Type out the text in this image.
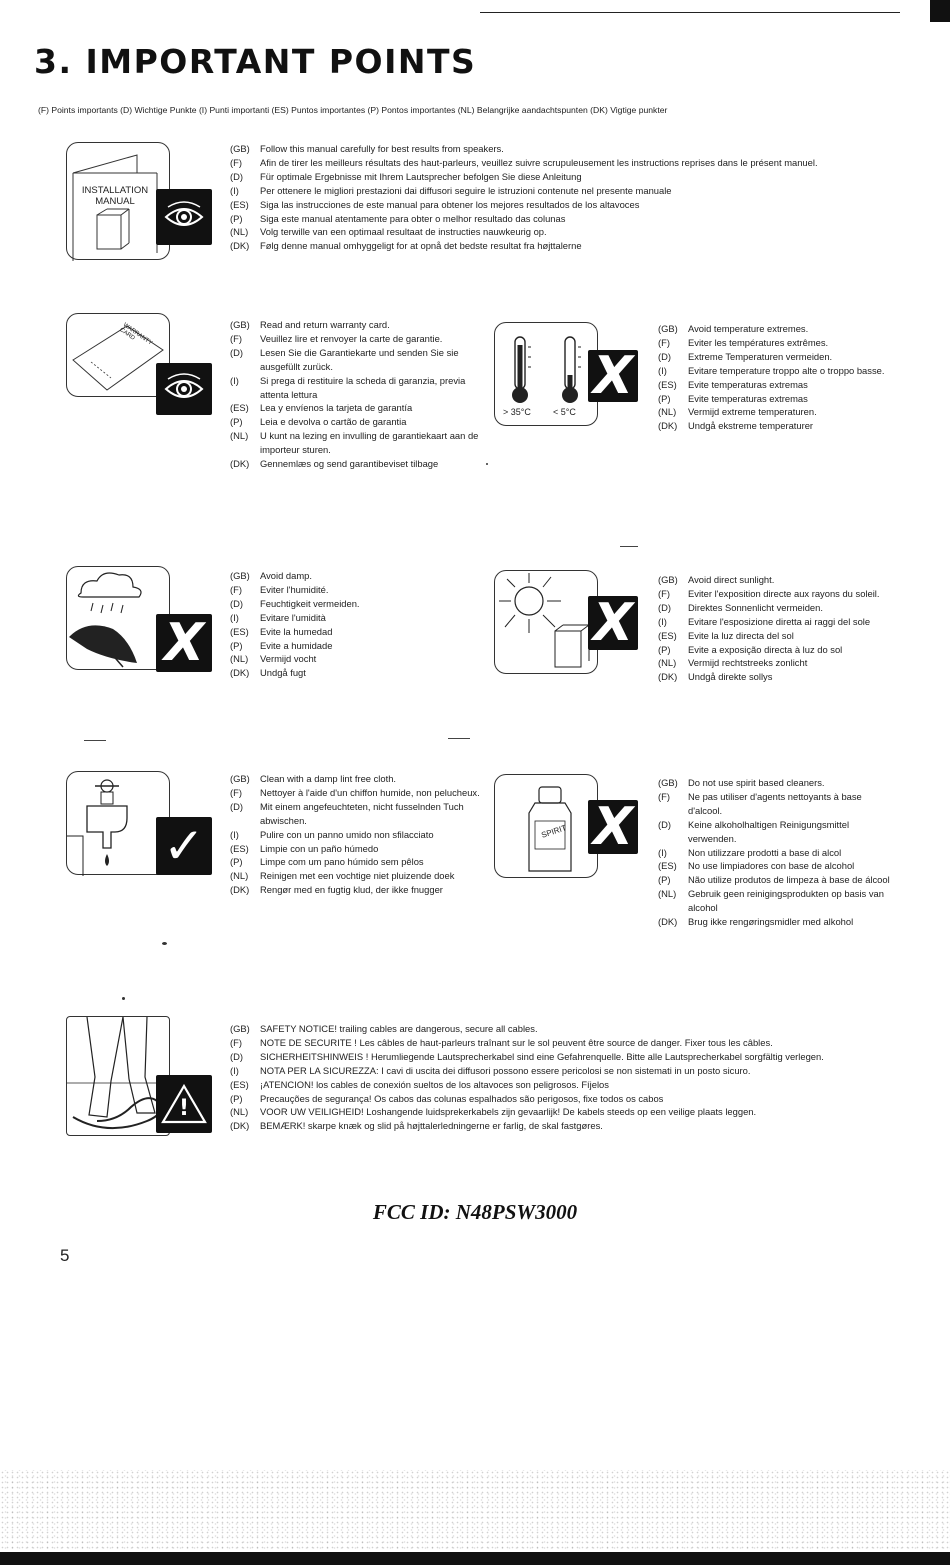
3. IMPORTANT POINTS
(F) Points importants (D) Wichtige Punkte (I) Punti importanti (ES) Puntos importantes (P) Pontos importantes (NL) Belangrijke aandachtspunten (DK) Vigtige punkter
INSTALLATION
MANUAL
(GB)	Follow this manual carefully for best results from speakers.
(F)	Afin de tirer les meilleurs résultats des haut-parleurs, veuillez suivre scrupuleusement les instructions reprises dans le présent manuel.
(D)	Für optimale Ergebnisse mit Ihrem Lautsprecher befolgen Sie diese Anleitung
(I)	Per ottenere le migliori prestazioni dai diffusori seguire le istruzioni contenute nel presente manuale
(ES)	Siga las instrucciones de este manual para obtener los mejores resultados de los altavoces
(P)	Siga este manual atentamente para obter o melhor resultado das colunas
(NL)	Volg terwille van een optimaal resultaat de instructies nauwkeurig op.
(DK)	Følg denne manual omhyggeligt for at opnå det bedste resultat fra højttalerne
WARRANTY CARD
(GB)	Read and return warranty card.
(F)	Veuillez lire et renvoyer la carte de garantie.
(D)	Lesen Sie die Garantiekarte und senden Sie sie ausgefüllt zurück.
(I)	Si prega di restituire la scheda di garanzia, previa attenta lettura
(ES)	Lea y envíenos la tarjeta de garantía
(P)	Leia e devolva o cartão de garantia
(NL)	U kunt na lezing en invulling de garantiekaart aan de importeur sturen.
(DK)	Gennemlæs og send garantibeviset tilbage
> 35°C < 5°C
X
(GB)	Avoid temperature extremes.
(F)	Eviter les températures extrêmes.
(D)	Extreme Temperaturen vermeiden.
(I)	Evitare temperature troppo alte o troppo basse.
(ES)	Evite temperaturas extremas
(P)	Evite temperaturas extremas
(NL)	Vermijd extreme temperaturen.
(DK)	Undgå ekstreme temperaturer
X
(GB)	Avoid damp.
(F)	Eviter l'humidité.
(D)	Feuchtigkeit vermeiden.
(I)	Evitare l'umidità
(ES)	Evite la humedad
(P)	Evite a humidade
(NL)	Vermijd vocht
(DK)	Undgå fugt
X
(GB)	Avoid direct sunlight.
(F)	Eviter l'exposition directe aux rayons du soleil.
(D)	Direktes Sonnenlicht vermeiden.
(I)	Evitare l'esposizione diretta ai raggi del sole
(ES)	Evite la luz directa del sol
(P)	Evite a exposição directa à luz do sol
(NL)	Vermijd rechtstreeks zonlicht
(DK)	Undgå direkte sollys
✓
(GB)	Clean with a damp lint free cloth.
(F)	Nettoyer à l'aide d'un chiffon humide, non pelucheux.
(D)	Mit einem angefeuchteten, nicht fusselnden Tuch abwischen.
(I)	Pulire con un panno umido non sfilacciato
(ES)	Limpie con un paño húmedo
(P)	Limpe com um pano húmido sem pêlos
(NL)	Reinigen met een vochtige niet pluizende doek
(DK)	Rengør med en fugtig klud, der ikke fnugger
SPIRIT X
(GB)	Do not use spirit based cleaners.
(F)	Ne pas utiliser d'agents nettoyants à base d'alcool.
(D)	Keine alkoholhaltigen Reinigungsmittel verwenden.
(I)	Non utilizzare prodotti a base di alcol
(ES)	No use limpiadores con base de alcohol
(P)	Não utilize produtos de limpeza à base de álcool
(NL)	Gebruik geen reinigingsprodukten op basis van alcohol
(DK)	Brug ikke rengøringsmidler med alkohol
!
(GB)	SAFETY NOTICE! trailing cables are dangerous, secure all cables.
(F)	NOTE DE SECURITE ! Les câbles de haut-parleurs traînant sur le sol peuvent être source de danger. Fixer tous les câbles.
(D)	SICHERHEITSHINWEIS ! Herumliegende Lautsprecherkabel sind eine Gefahrenquelle. Bitte alle Lautsprecherkabel sorgfältig verlegen.
(I)	NOTA PER LA SICUREZZA: I cavi di uscita dei diffusori possono essere pericolosi se non sistemati in un posto sicuro.
(ES)	¡ATENCION! los cables de conexión sueltos de los altavoces son peligrosos. Fíjelos
(P)	Precauções de segurança! Os cabos das colunas espalhados são perigosos, fixe todos os cabos
(NL)	VOOR UW VEILIGHEID! Loshangende luidsprekerkabels zijn gevaarlijk! De kabels steeds op een veilige plaats leggen.
(DK)	BEMÆRK! skarpe knæk og slid på højttalerledningerne er farlig, de skal fastgøres.
FCC ID: N48PSW3000
5
